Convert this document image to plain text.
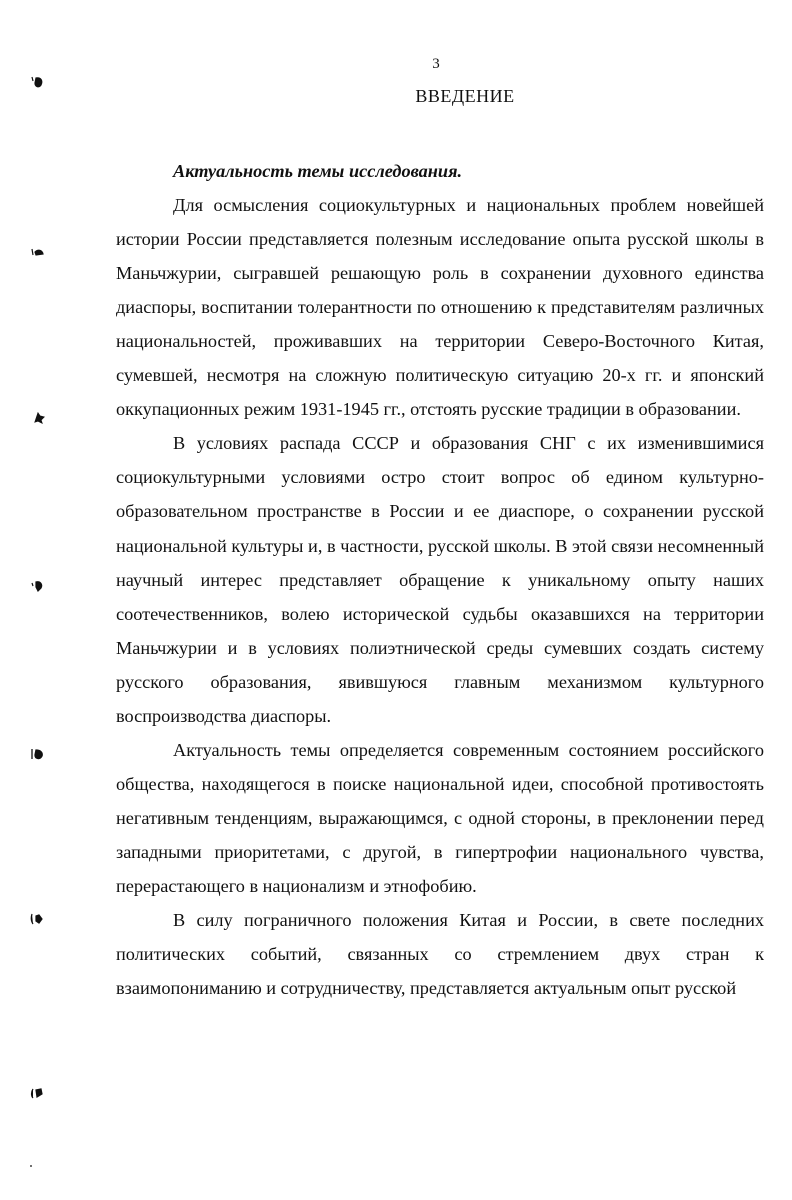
3
ВВЕДЕНИЕ

Актуальность темы исследования.

Для осмысления социокультурных и национальных проблем новейшей истории России представляется полезным исследование опыта русской школы в Маньчжурии, сыгравшей решающую роль в сохранении духовного единства диаспоры, воспитании толерантности по отношению к представителям различных национальностей, проживавших на территории Северо-Восточного Китая, сумевшей, несмотря на сложную политическую ситуацию 20-х гг. и японский оккупационных режим 1931-1945 гг., отстоять русские традиции в образовании.

В условиях распада СССР и образования СНГ с их изменившимися социокультурными условиями остро стоит вопрос об едином культурно-образовательном пространстве в России и ее диаспоре, о сохранении русской национальной культуры и, в частности, русской школы. В этой связи несомненный научный интерес представляет обращение к уникальному опыту наших соотечественников, волею исторической судьбы оказавшихся на территории Маньчжурии и в условиях полиэтнической среды сумевших создать систему русского образования, явившуюся главным механизмом культурного воспроизводства диаспоры.

Актуальность темы определяется современным состоянием российского общества, находящегося в поиске национальной идеи, способной противостоять негативным тенденциям, выражающимся, с одной стороны, в преклонении перед западными приоритетами, с другой, в гипертрофии национального чувства, перерастающего в национализм и этнофобию.

В силу пограничного положения Китая и России, в свете последних политических событий, связанных со стремлением двух стран к взаимопониманию и сотрудничеству, представляется актуальным опыт русской
